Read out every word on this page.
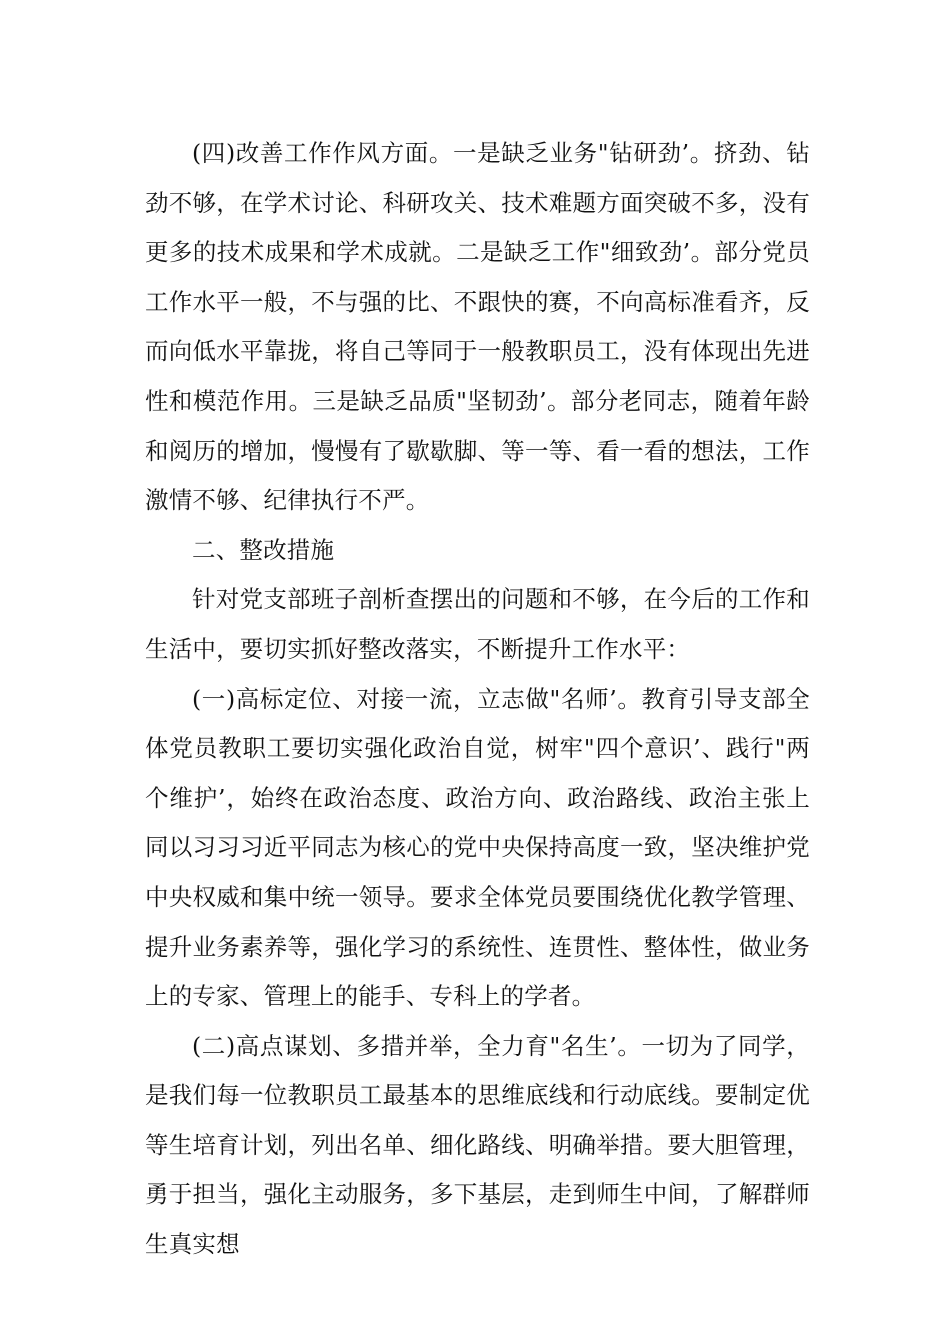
(四)改善工作作风方面。一是缺乏业务"钻研劲’。挤劲、钻劲不够，在学术讨论、科研攻关、技术难题方面突破不多，没有更多的技术成果和学术成就。二是缺乏工作"细致劲’。部分党员工作水平一般，不与强的比、不跟快的赛，不向高标准看齐，反而向低水平靠拢，将自己等同于一般教职员工，没有体现出先进性和模范作用。三是缺乏品质"坚韧劲’。部分老同志，随着年龄和阅历的增加，慢慢有了歇歇脚、等一等、看一看的想法，工作激情不够、纪律执行不严。

二、整改措施

针对党支部班子剖析查摆出的问题和不够，在今后的工作和生活中，要切实抓好整改落实，不断提升工作水平：

(一)高标定位、对接一流，立志做"名师’。教育引导支部全体党员教职工要切实强化政治自觉，树牢"四个意识’、践行"两个维护’，始终在政治态度、政治方向、政治路线、政治主张上同以习习习近平同志为核心的党中央保持高度一致，坚决维护党中央权威和集中统一领导。要求全体党员要围绕优化教学管理、提升业务素养等，强化学习的系统性、连贯性、整体性，做业务上的专家、管理上的能手、专科上的学者。

(二)高点谋划、多措并举，全力育"名生’。一切为了同学，是我们每一位教职员工最基本的思维底线和行动底线。要制定优等生培育计划，列出名单、细化路线、明确举措。要大胆管理，勇于担当，强化主动服务，多下基层，走到师生中间，了解群师生真实想
